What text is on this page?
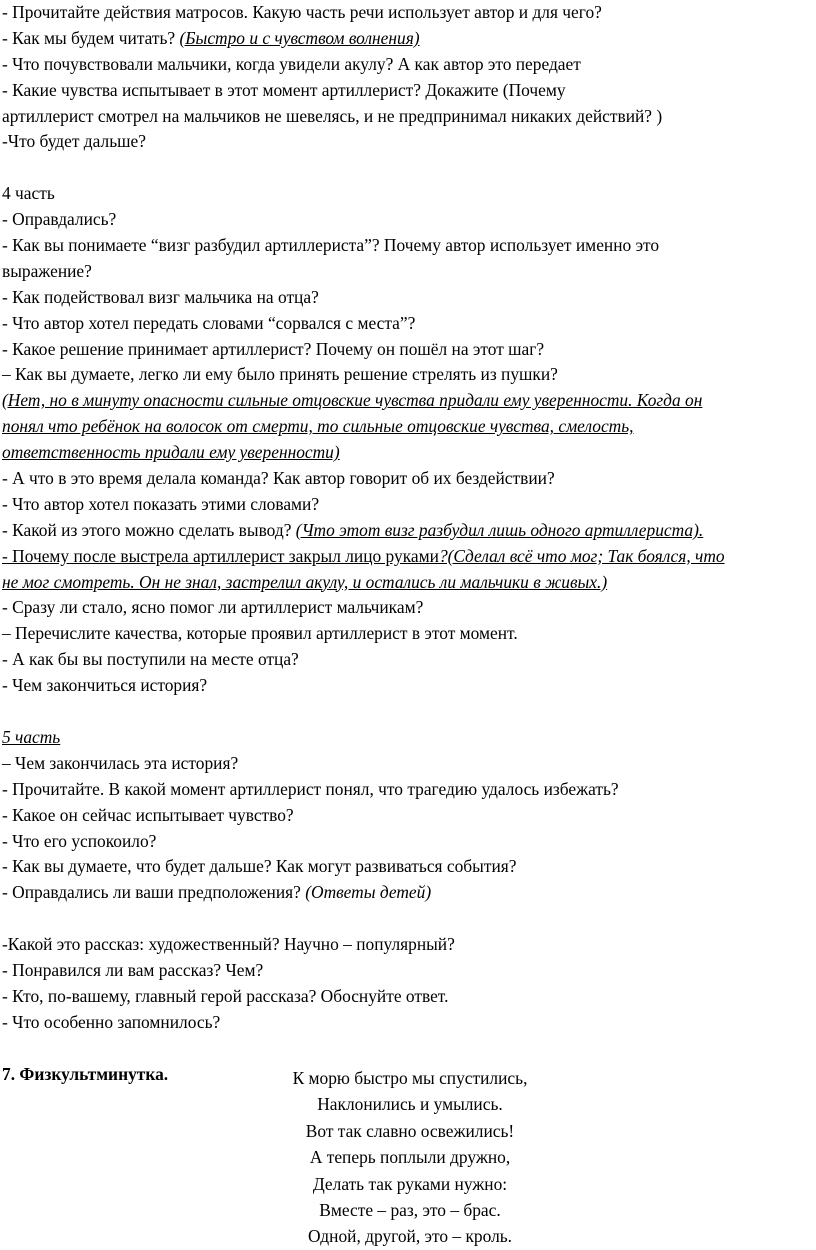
- Прочитайте действия матросов. Какую часть речи использует автор и для чего?
- Как мы будем читать? (Быстро и с чувством волнения)
- Что почувствовали мальчики, когда увидели акулу? А как автор это передает
- Какие чувства испытывает в этот момент артиллерист? Докажите (Почему
артиллерист смотрел на мальчиков не шевелясь, и не предпринимал никаких действий? )
-Что будет дальше?
4 часть
- Оправдались?
- Как вы понимаете “визг разбудил артиллериста”? Почему автор использует именно это
выражение?
- Как подействовал визг мальчика на отца?
- Что автор хотел передать словами “сорвался с места”?
- Какое решение принимает артиллерист? Почему он пошёл на этот шаг?
– Как вы думаете, легко ли ему было принять решение стрелять из пушки?
(Нет, но в минуту опасности сильные отцовские чувства придали ему уверенности. Когда он
понял что ребёнок на волосок от смерти, то сильные отцовские чувства, смелость,
ответственность придали ему уверенности)
- А что в это время делала команда? Как автор говорит об их бездействии?
- Что автор хотел показать этими словами?
- Какой из этого можно сделать вывод? (Что этот визг разбудил лишь одного артиллериста).
- Почему после выстрела артиллерист закрыл лицо руками?(Сделал всё что мог; Так боялся, что
не мог смотреть. Он не знал, застрелил акулу, и остались ли мальчики в живых.)
- Сразу ли стало, ясно помог ли артиллерист мальчикам?
– Перечислите качества, которые проявил артиллерист в этот момент.
- А как бы вы поступили на месте отца?
- Чем закончиться история?
5 часть
– Чем закончилась эта история?
- Прочитайте. В какой момент артиллерист понял, что трагедию удалось избежать?
- Какое он сейчас испытывает чувство?
- Что его успокоило?
- Как вы думаете, что будет дальше? Как могут развиваться события?
- Оправдались ли ваши предположения? (Ответы детей)
-Какой это рассказ: художественный? Научно – популярный?
- Понравился ли вам рассказ? Чем?
- Кто, по-вашему, главный герой рассказа? Обоснуйте ответ.
- Что особенно запомнилось?
7. Физкультминутка.	К морю быстро мы спустились,
Наклонились и умылись.
Вот так славно освежились!
А теперь поплыли дружно,
Делать так руками нужно:
Вместе – раз, это – брас.
Одной, другой, это – кроль.
